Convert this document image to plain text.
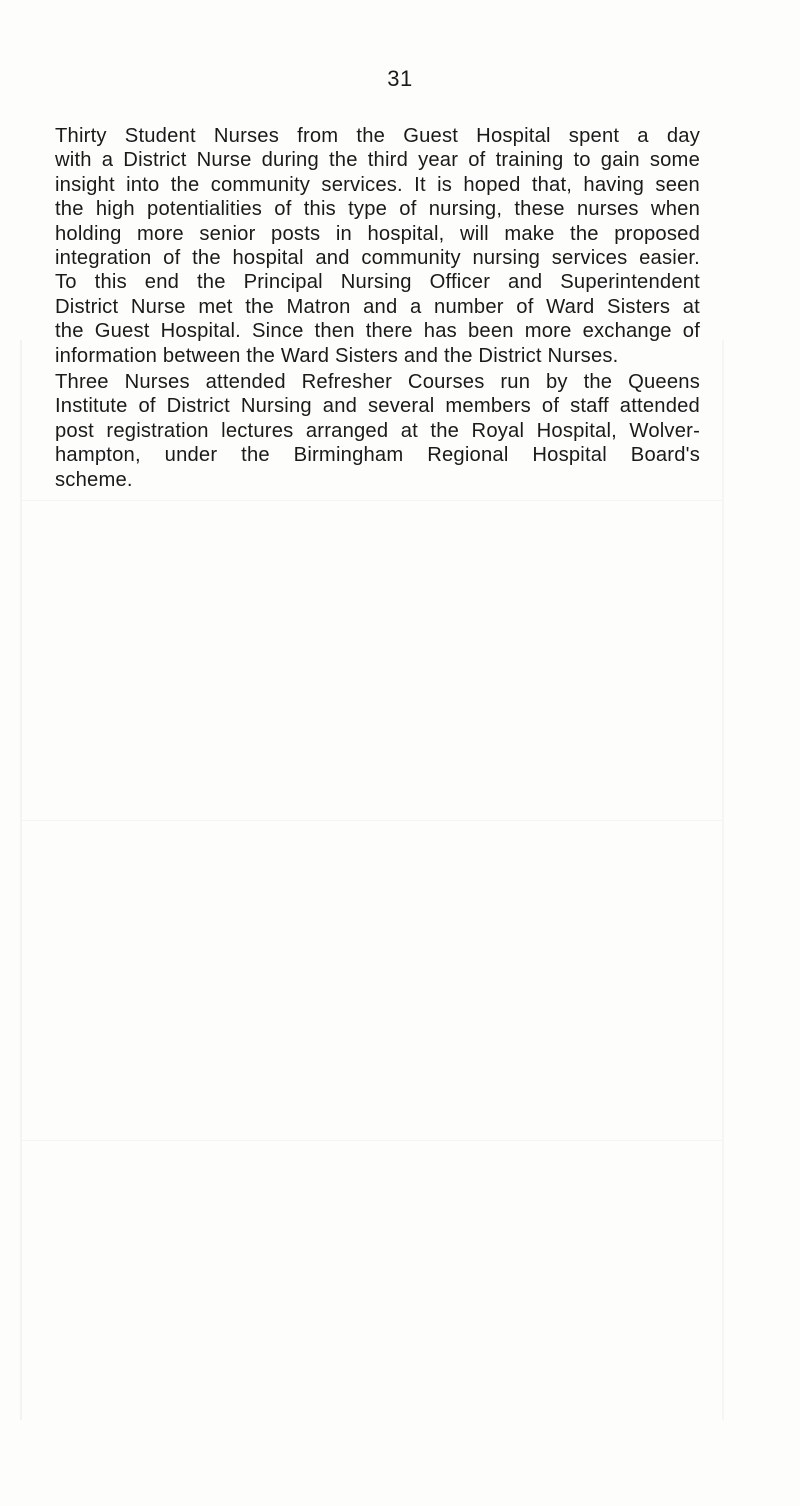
31
Thirty Student Nurses from the Guest Hospital spent a day
with a District Nurse during the third year of training to gain some
insight into the community services. It is hoped that, having seen
the high potentialities of this type of nursing, these nurses when
holding more senior posts in hospital, will make the proposed
integration of the hospital and community nursing services easier.
To this end the Principal Nursing Officer and Superintendent
District Nurse met the Matron and a number of Ward Sisters at
the Guest Hospital. Since then there has been more exchange of
information between the Ward Sisters and the District Nurses.
Three Nurses attended Refresher Courses run by the Queens
Institute of District Nursing and several members of staff attended
post registration lectures arranged at the Royal Hospital, Wolver-
hampton, under the Birmingham Regional Hospital Board's
scheme.
